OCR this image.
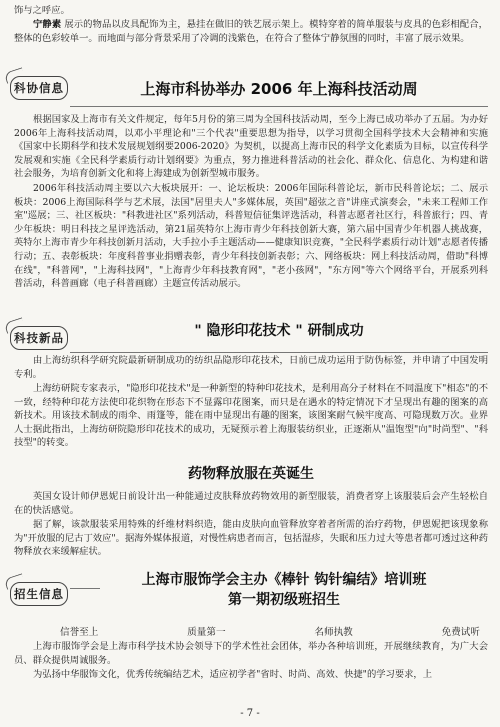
饰与之呼应。

宁静素 展示的物品以皮具配饰为主，悬挂在做旧的铁艺展示架上。模特穿着的简单服装与皮具的色彩相配合，整体的色彩较单一。而地面与部分背景采用了冷调的浅紫色，在符合了整体宁静氛围的同时，丰富了展示效果。

科协信息	上海市科协举办 2006 年上海科技活动周

根据国家及上海市有关文件规定，每年5月份的第三周为全国科技活动周，至今上海已成功举办了五届。为办好2006年上海科技活动周，以邓小平理论和"三个代表"重要思想为指导，以学习贯彻全国科学技术大会精神和实施《国家中长期科学和技术发展规划纲要2006-2020》为契机，以提高上海市民的科学文化素质为目标，以宣传科学发展观和实施《全民科学素质行动计划纲要》为重点，努力推进科普活动的社会化、群众化、信息化、为构建和谐社会服务，为培育创新文化和将上海建成为创新型城市服务。

2006年科技活动周主要以六大板块展开：一、论坛板块：2006年国际科普论坛，新市民科普论坛；二、展示板块：2006上海国际科学与艺术展，法国"居里夫人"多媒体展，英国"超弦之音"讲座式演奏会，"未来工程师工作室"巡展；三、社区板块："科教进社区"系列活动，科普短信征集评选活动，科普志愿者社区行，科普旅行；四、青少年板块：明日科技之星评选活动，第21届英特尔上海市青少年科技创新大赛，第六届中国青少年机器人挑战赛，英特尔上海市青少年科技创新月活动，大手拉小手主题活动——健康知识竞赛，"全民科学素质行动计划"志愿者传播行动；五、表彰板块：年度科普事业捐赠表彰，青少年科技创新表彰；六、网络板块：网上科技活动周，借助"科博在线"，"科普网"，"上海科技网"，"上海青少年科技教育网"，"老小孩网"，"东方网"等六个网络平台，开展系列科普活动，科普画廊（电子科普画廊）主题宣传活动展示。

科技新品	" 隐形印花技术 " 研制成功

由上海纺织科学研究院最新研制成功的纺织品隐形印花技术，日前已成功运用于防伪标签，并申请了中国发明专利。

上海纺研院专家表示，"隐形印花技术"是一种新型的特种印花技术，是利用高分子材料在不同温度下"相态"的不一致，经特种印花方法使印花织物在形态下不显露印花图案，而只是在遇水的特定情况下才呈现出有趣的图案的高新技术。用该技术制成的雨伞、雨篷等，能在雨中显现出有趣的图案，该图案耐气候牢度高、可隐现数万次。业界人士据此指出，上海纺研院隐形印花技术的成功，无疑预示着上海服装纺织业，正逐渐从"温饱型"向"时尚型"、"科技型"的转变。

药物释放服在英诞生

英国女设计师伊恩妮日前设计出一种能通过皮肤释放药物效用的新型服装，消费者穿上该服装后会产生轻松自在的快活感觉。

据了解，该款服装采用特殊的纤维材料织造，能由皮肤向血管释放穿着者所需的治疗药物，伊恩妮把该现象称为"开放服的尼古丁效应"。据海外媒体报道，对慢性病患者而言，包括湿疹，失眠和压力过大等患者都可透过这种药物释放衣来缓解症状。

招生信息
上海市服饰学会主办《棒针 钩针编结》培训班
第一期初级班招生
信誉至上	质量第一	名师执教	免费试听

上海市服饰学会是上海市科学技术协会领导下的学术性社会团体，举办各种培训班，开展继续教育，为广大会员、群众提供周诚服务。

为弘扬中华服饰文化，优秀传统编结艺术，适应初学者"省时、时尚、高效、快捷"的学习要求，上

- 7 -
